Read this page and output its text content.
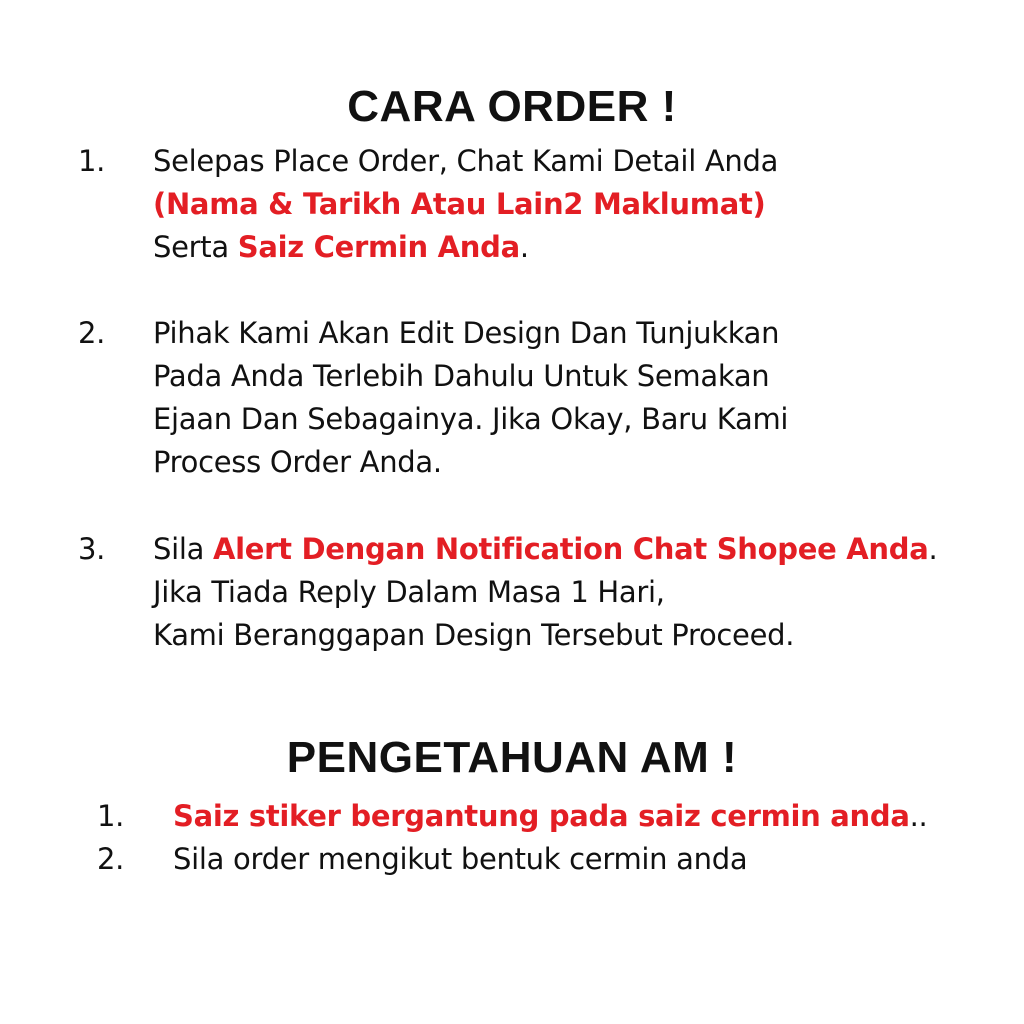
CARA ORDER !
1. Selepas Place Order, Chat Kami Detail Anda
(Nama & Tarikh Atau Lain2 Maklumat)
Serta Saiz Cermin Anda.
2. Pihak Kami Akan Edit Design Dan Tunjukkan
Pada Anda Terlebih Dahulu Untuk Semakan
Ejaan Dan Sebagainya. Jika Okay, Baru Kami
Process Order Anda.
3. Sila Alert Dengan Notification Chat Shopee Anda.
Jika Tiada Reply Dalam Masa 1 Hari,
Kami Beranggapan Design Tersebut Proceed.
PENGETAHUAN AM !
1. Saiz stiker bergantung pada saiz cermin anda..
2. Sila order mengikut bentuk cermin anda
